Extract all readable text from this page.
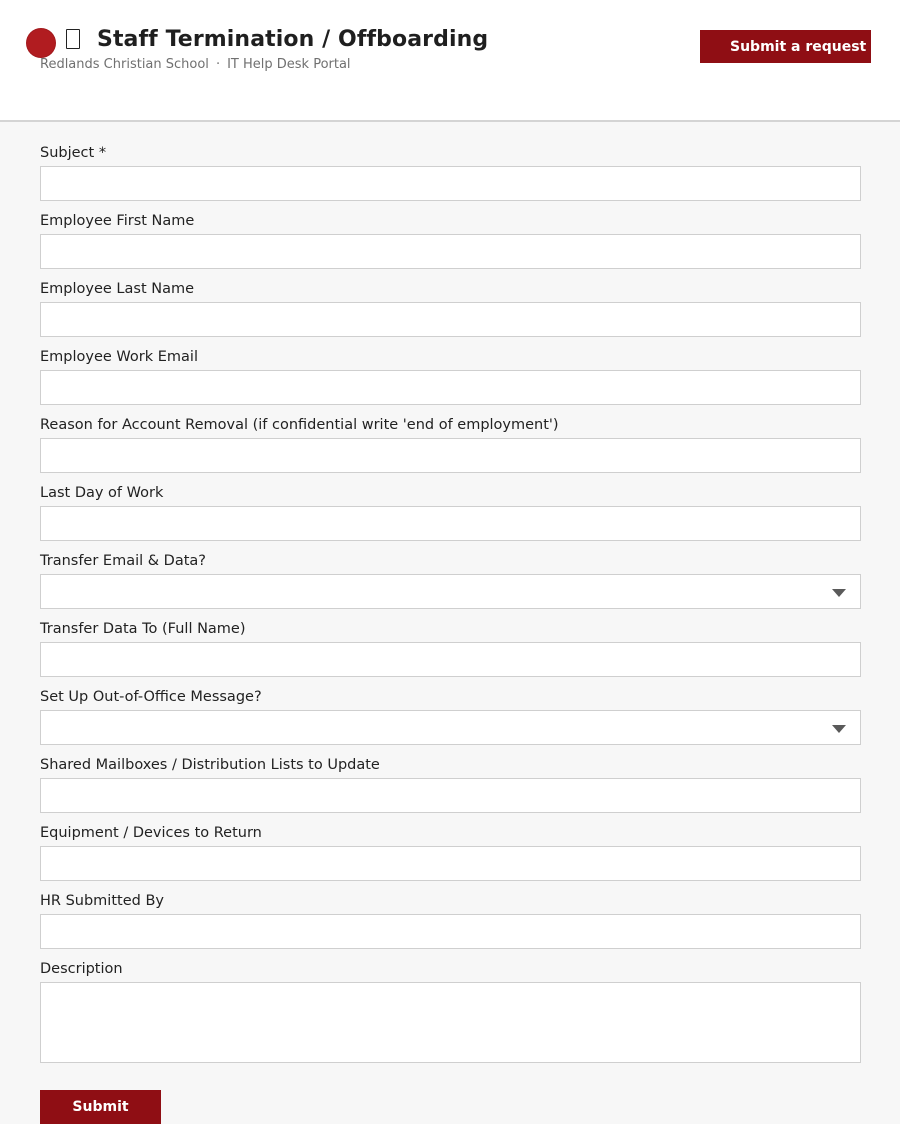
Staff Termination / Offboarding
Redlands Christian School · IT Help Desk Portal
Submit a request
Subject *
Employee First Name
Employee Last Name
Employee Work Email
Reason for Account Removal (if confidential write 'end of employment')
Last Day of Work
Transfer Email & Data?
Transfer Data To (Full Name)
Set Up Out-of-Office Message?
Shared Mailboxes / Distribution Lists to Update
Equipment / Devices to Return
HR Submitted By
Description
Submit
